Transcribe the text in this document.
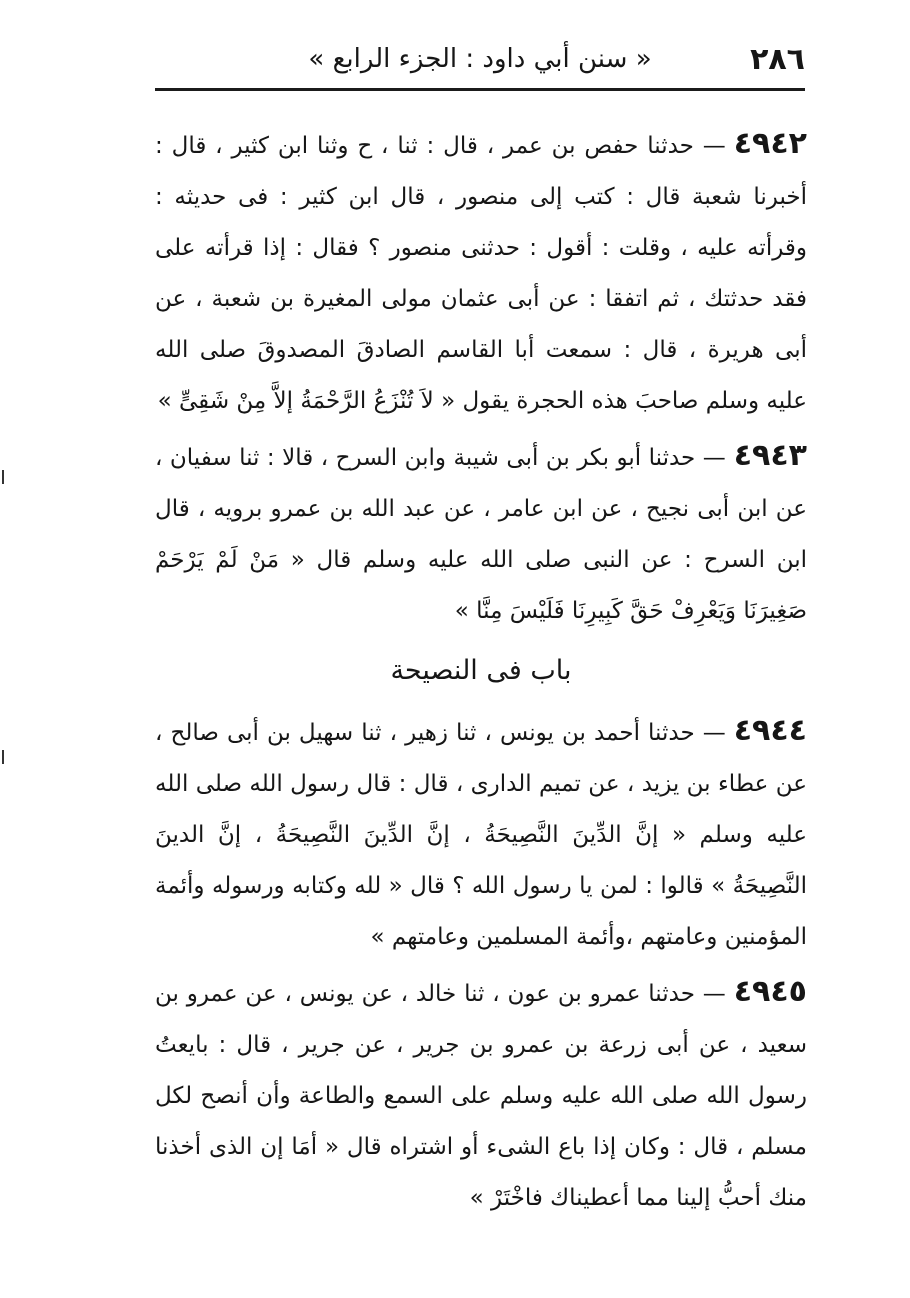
٢٨٦
« سنن أبي داود : الجزء الرابع »

٤٩٤٢— حدثنا حفص بن عمر ، قال : ثنا ، ح وثنا ابن كثير ، قال : أخبرنا شعبة قال : كتب إلى منصور ، قال ابن كثير : فى حديثه : وقرأته عليه ، وقلت : أقول : حدثنى منصور ؟ فقال : إذا قرأته على فقد حدثتك ، ثم اتفقا : عن أبى عثمان مولى المغيرة بن شعبة ، عن أبى هريرة ، قال : سمعت أبا القاسم الصادقَ المصدوقَ صلى الله عليه وسلم صاحبَ هذه الحجرة يقول « لاَ تُنْزَعُ الرَّحْمَةُ إلاَّ مِنْ شَقِىٍّ »

٤٩٤٣— حدثنا أبو بكر بن أبى شيبة وابن السرح ، قالا : ثنا سفيان ، عن ابن أبى نجيح ، عن ابن عامر ، عن عبد الله بن عمرو برويه ، قال ابن السرح : عن النبى صلى الله عليه وسلم قال « مَنْ لَمْ يَرْحَمْ صَغِيرَنَا وَيَعْرِفْ حَقَّ كَبِيرِنَا فَلَيْسَ مِنَّا »

باب فى النصيحة

٤٩٤٤— حدثنا أحمد بن يونس ، ثنا زهير ، ثنا سهيل بن أبى صالح ، عن عطاء بن يزيد ، عن تميم الدارى ، قال : قال رسول الله صلى الله عليه وسلم « إنَّ الدِّينَ النَّصِيحَةُ ، إنَّ الدِّينَ النَّصِيحَةُ ، إنَّ الدينَ النَّصِيحَةُ » قالوا : لمن يا رسول الله ؟ قال « لله وكتابه ورسوله وأئمة المؤمنين وعامتهم ،وأئمة المسلمين وعامتهم »

٤٩٤٥— حدثنا عمرو بن عون ، ثنا خالد ، عن يونس ، عن عمرو بن سعيد ، عن أبى زرعة بن عمرو بن جرير ، عن جرير ، قال : بايعتُ رسول الله صلى الله عليه وسلم على السمع والطاعة وأن أنصح لكل مسلم ، قال : وكان إذا باع الشىء أو اشتراه قال « أمَا إن الذى أخذنا منك أحبُّ إلينا مما أعطيناك فاخْتَرْ »
